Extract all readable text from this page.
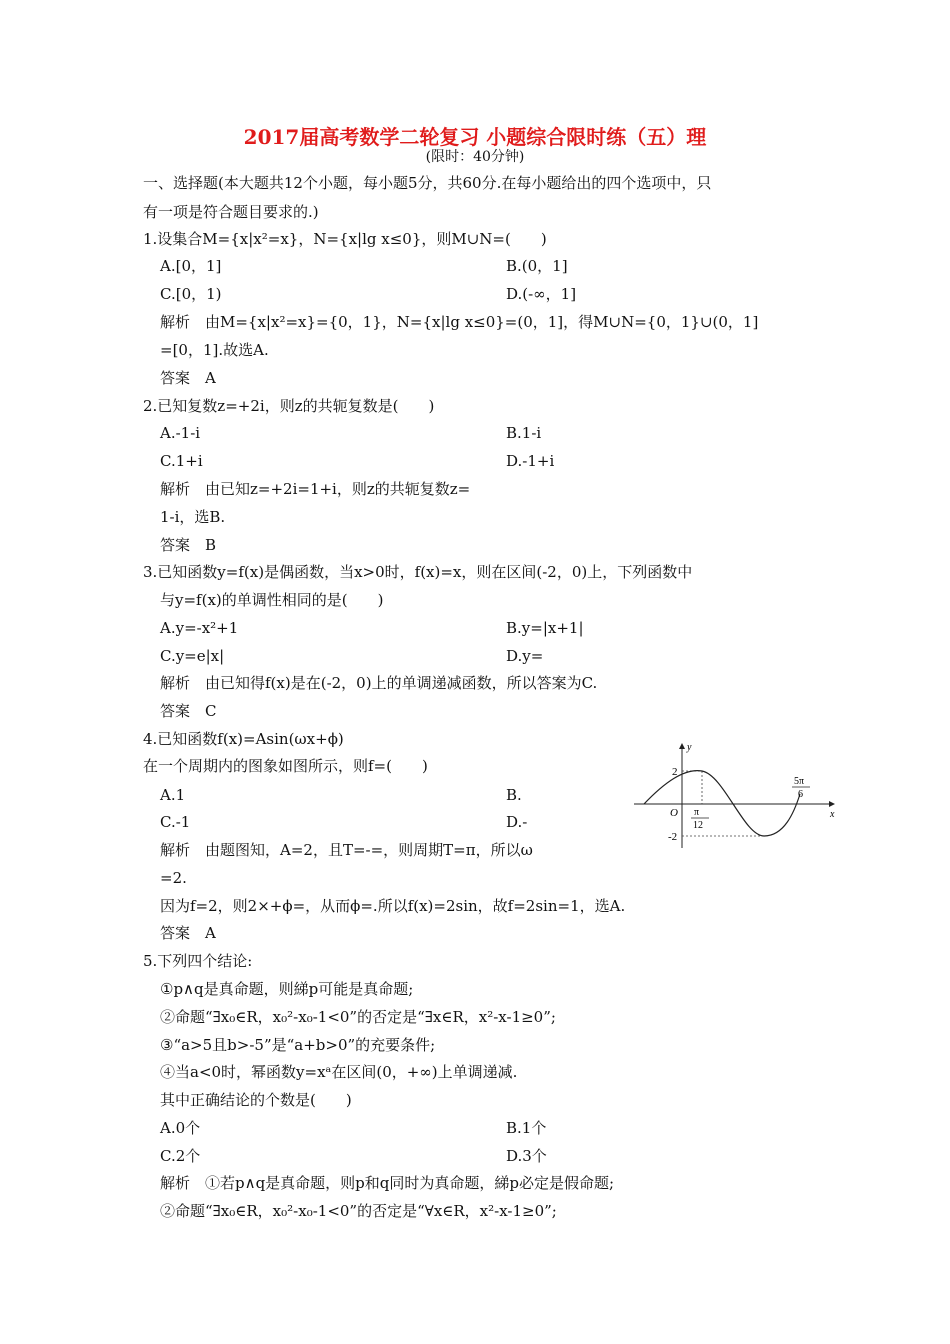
2017届高考数学二轮复习 小题综合限时练（五）理
(限时：40分钟)
一、选择题(本大题共12个小题，每小题5分，共60分.在每小题给出的四个选项中，只
有一项是符合题目要求的.)
1.设集合M={x|x²=x}，N={x|lg x≤0}，则M∪N=(　　)
A.[0，1]	B.(0，1]
C.[0，1)	D.(-∞，1]
解析　由M={x|x²=x}={0，1}，N={x|lg x≤0}=(0，1]，得M∪N={0，1}∪(0，1]
=[0，1].故选A.
答案　A
2.已知复数z=+2i，则z的共轭复数是(　　)
A.-1-i	B.1-i
C.1+i	D.-1+i
解析　由已知z=+2i=1+i，则z的共轭复数z=
1-i，选B.
答案　B
3.已知函数y=f(x)是偶函数，当x>0时，f(x)=x，则在区间(-2，0)上，下列函数中
与y=f(x)的单调性相同的是(　　)
A.y=-x²+1	B.y=|x+1|
C.y=e|x|	D.y=
解析　由已知得f(x)是在(-2，0)上的单调递减函数，所以答案为C.
答案　C
4.已知函数f(x)=Asin(ωx+ϕ)
在一个周期内的图象如图所示，则f=(　　)
A.1	B.
C.-1	D.-
解析　由题图知，A=2，且T=-=，则周期T=π，所以ω
=2.
因为f=2，则2×+ϕ=，从而ϕ=.所以f(x)=2sin，故f=2sin=1，选A.
答案　A
y
x
O
2
-2
π
12
5π
6
5.下列四个结论:
①p∧q是真命题，则綈p可能是真命题;
②命题“∃x₀∈R，x₀²-x₀-1<0”的否定是“∃x∈R，x²-x-1≥0”;
③“a>5且b>-5”是“a+b>0”的充要条件;
④当a<0时，幂函数y=xᵃ在区间(0，+∞)上单调递减.
其中正确结论的个数是(　　)
A.0个	B.1个
C.2个	D.3个
解析　①若p∧q是真命题，则p和q同时为真命题，綈p必定是假命题;
②命题“∃x₀∈R，x₀²-x₀-1<0”的否定是“∀x∈R，x²-x-1≥0”;
